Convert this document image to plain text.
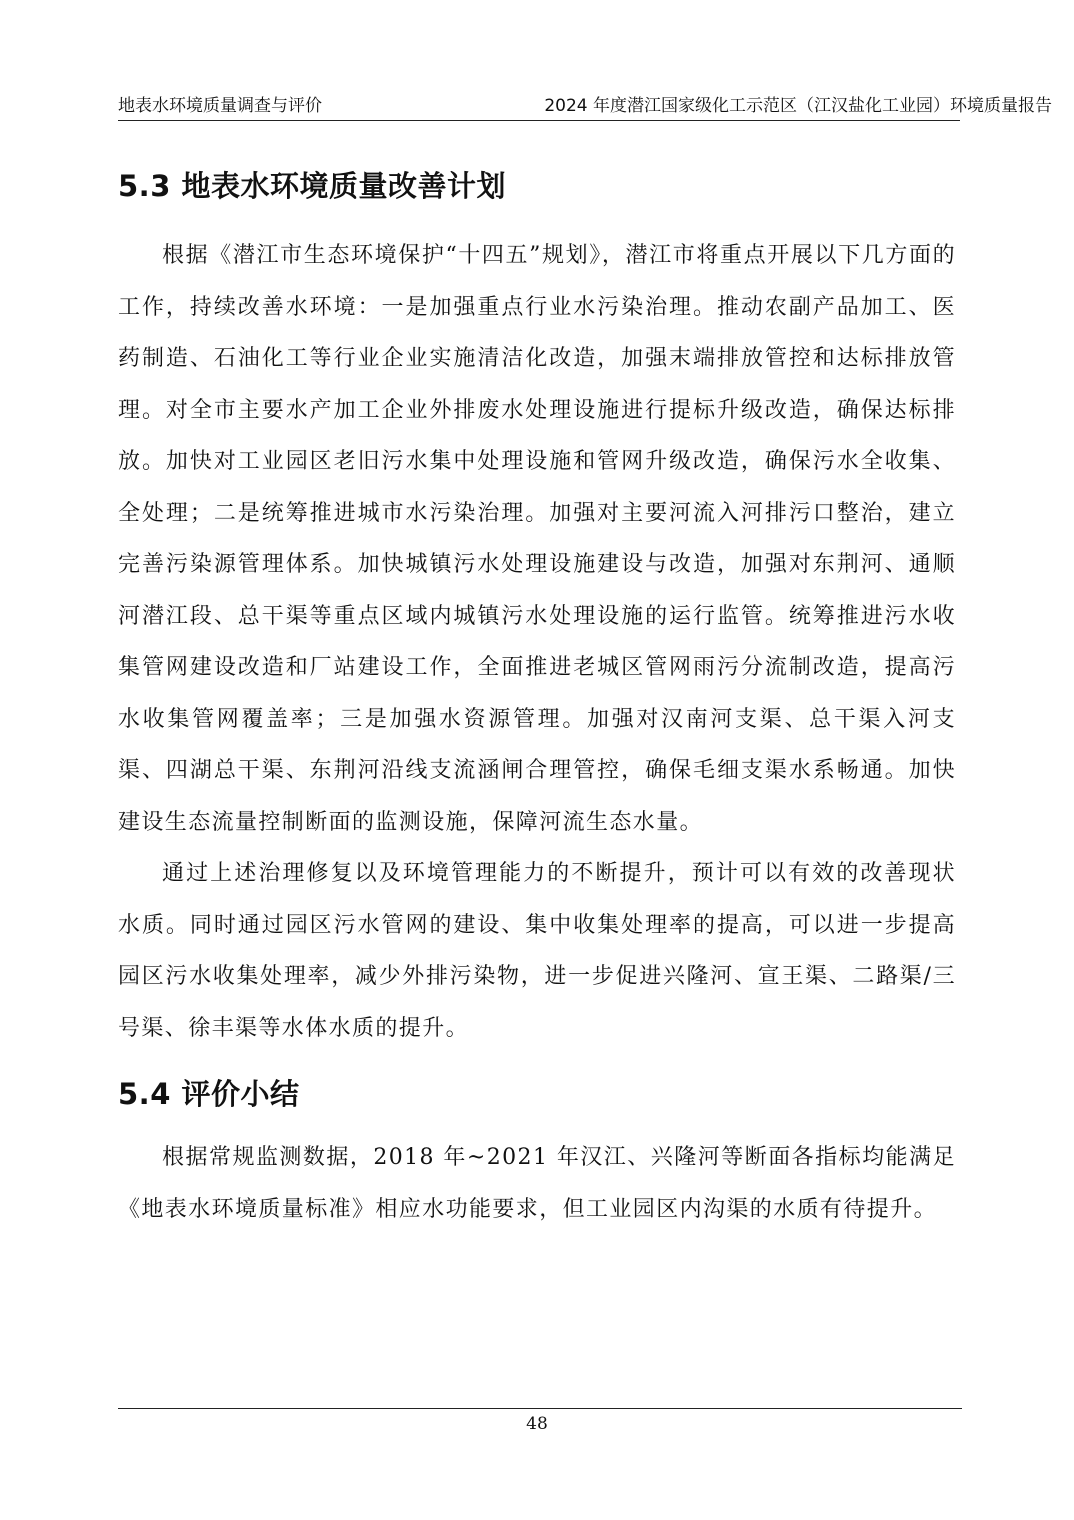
地表水环境质量调查与评价	2024 年度潜江国家级化工示范区（江汉盐化工业园）环境质量报告
5.3 地表水环境质量改善计划

根据《潜江市生态环境保护“十四五”规划》，潜江市将重点开展以下几方面的工作，持续改善水环境：一是加强重点行业水污染治理。推动农副产品加工、医药制造、石油化工等行业企业实施清洁化改造，加强末端排放管控和达标排放管理。对全市主要水产加工企业外排废水处理设施进行提标升级改造，确保达标排放。加快对工业园区老旧污水集中处理设施和管网升级改造，确保污水全收集、全处理；二是统筹推进城市水污染治理。加强对主要河流入河排污口整治，建立完善污染源管理体系。加快城镇污水处理设施建设与改造，加强对东荆河、通顺河潜江段、总干渠等重点区域内城镇污水处理设施的运行监管。统筹推进污水收集管网建设改造和厂站建设工作，全面推进老城区管网雨污分流制改造，提高污水收集管网覆盖率；三是加强水资源管理。加强对汉南河支渠、总干渠入河支渠、四湖总干渠、东荆河沿线支流涵闸合理管控，确保毛细支渠水系畅通。加快建设生态流量控制断面的监测设施，保障河流生态水量。

通过上述治理修复以及环境管理能力的不断提升，预计可以有效的改善现状水质。同时通过园区污水管网的建设、集中收集处理率的提高，可以进一步提高园区污水收集处理率，减少外排污染物，进一步促进兴隆河、宣王渠、二路渠/三号渠、徐丰渠等水体水质的提升。

5.4 评价小结

根据常规监测数据，2018 年~2021 年汉江、兴隆河等断面各指标均能满足《地表水环境质量标准》相应水功能要求，但工业园区内沟渠的水质有待提升。

48
